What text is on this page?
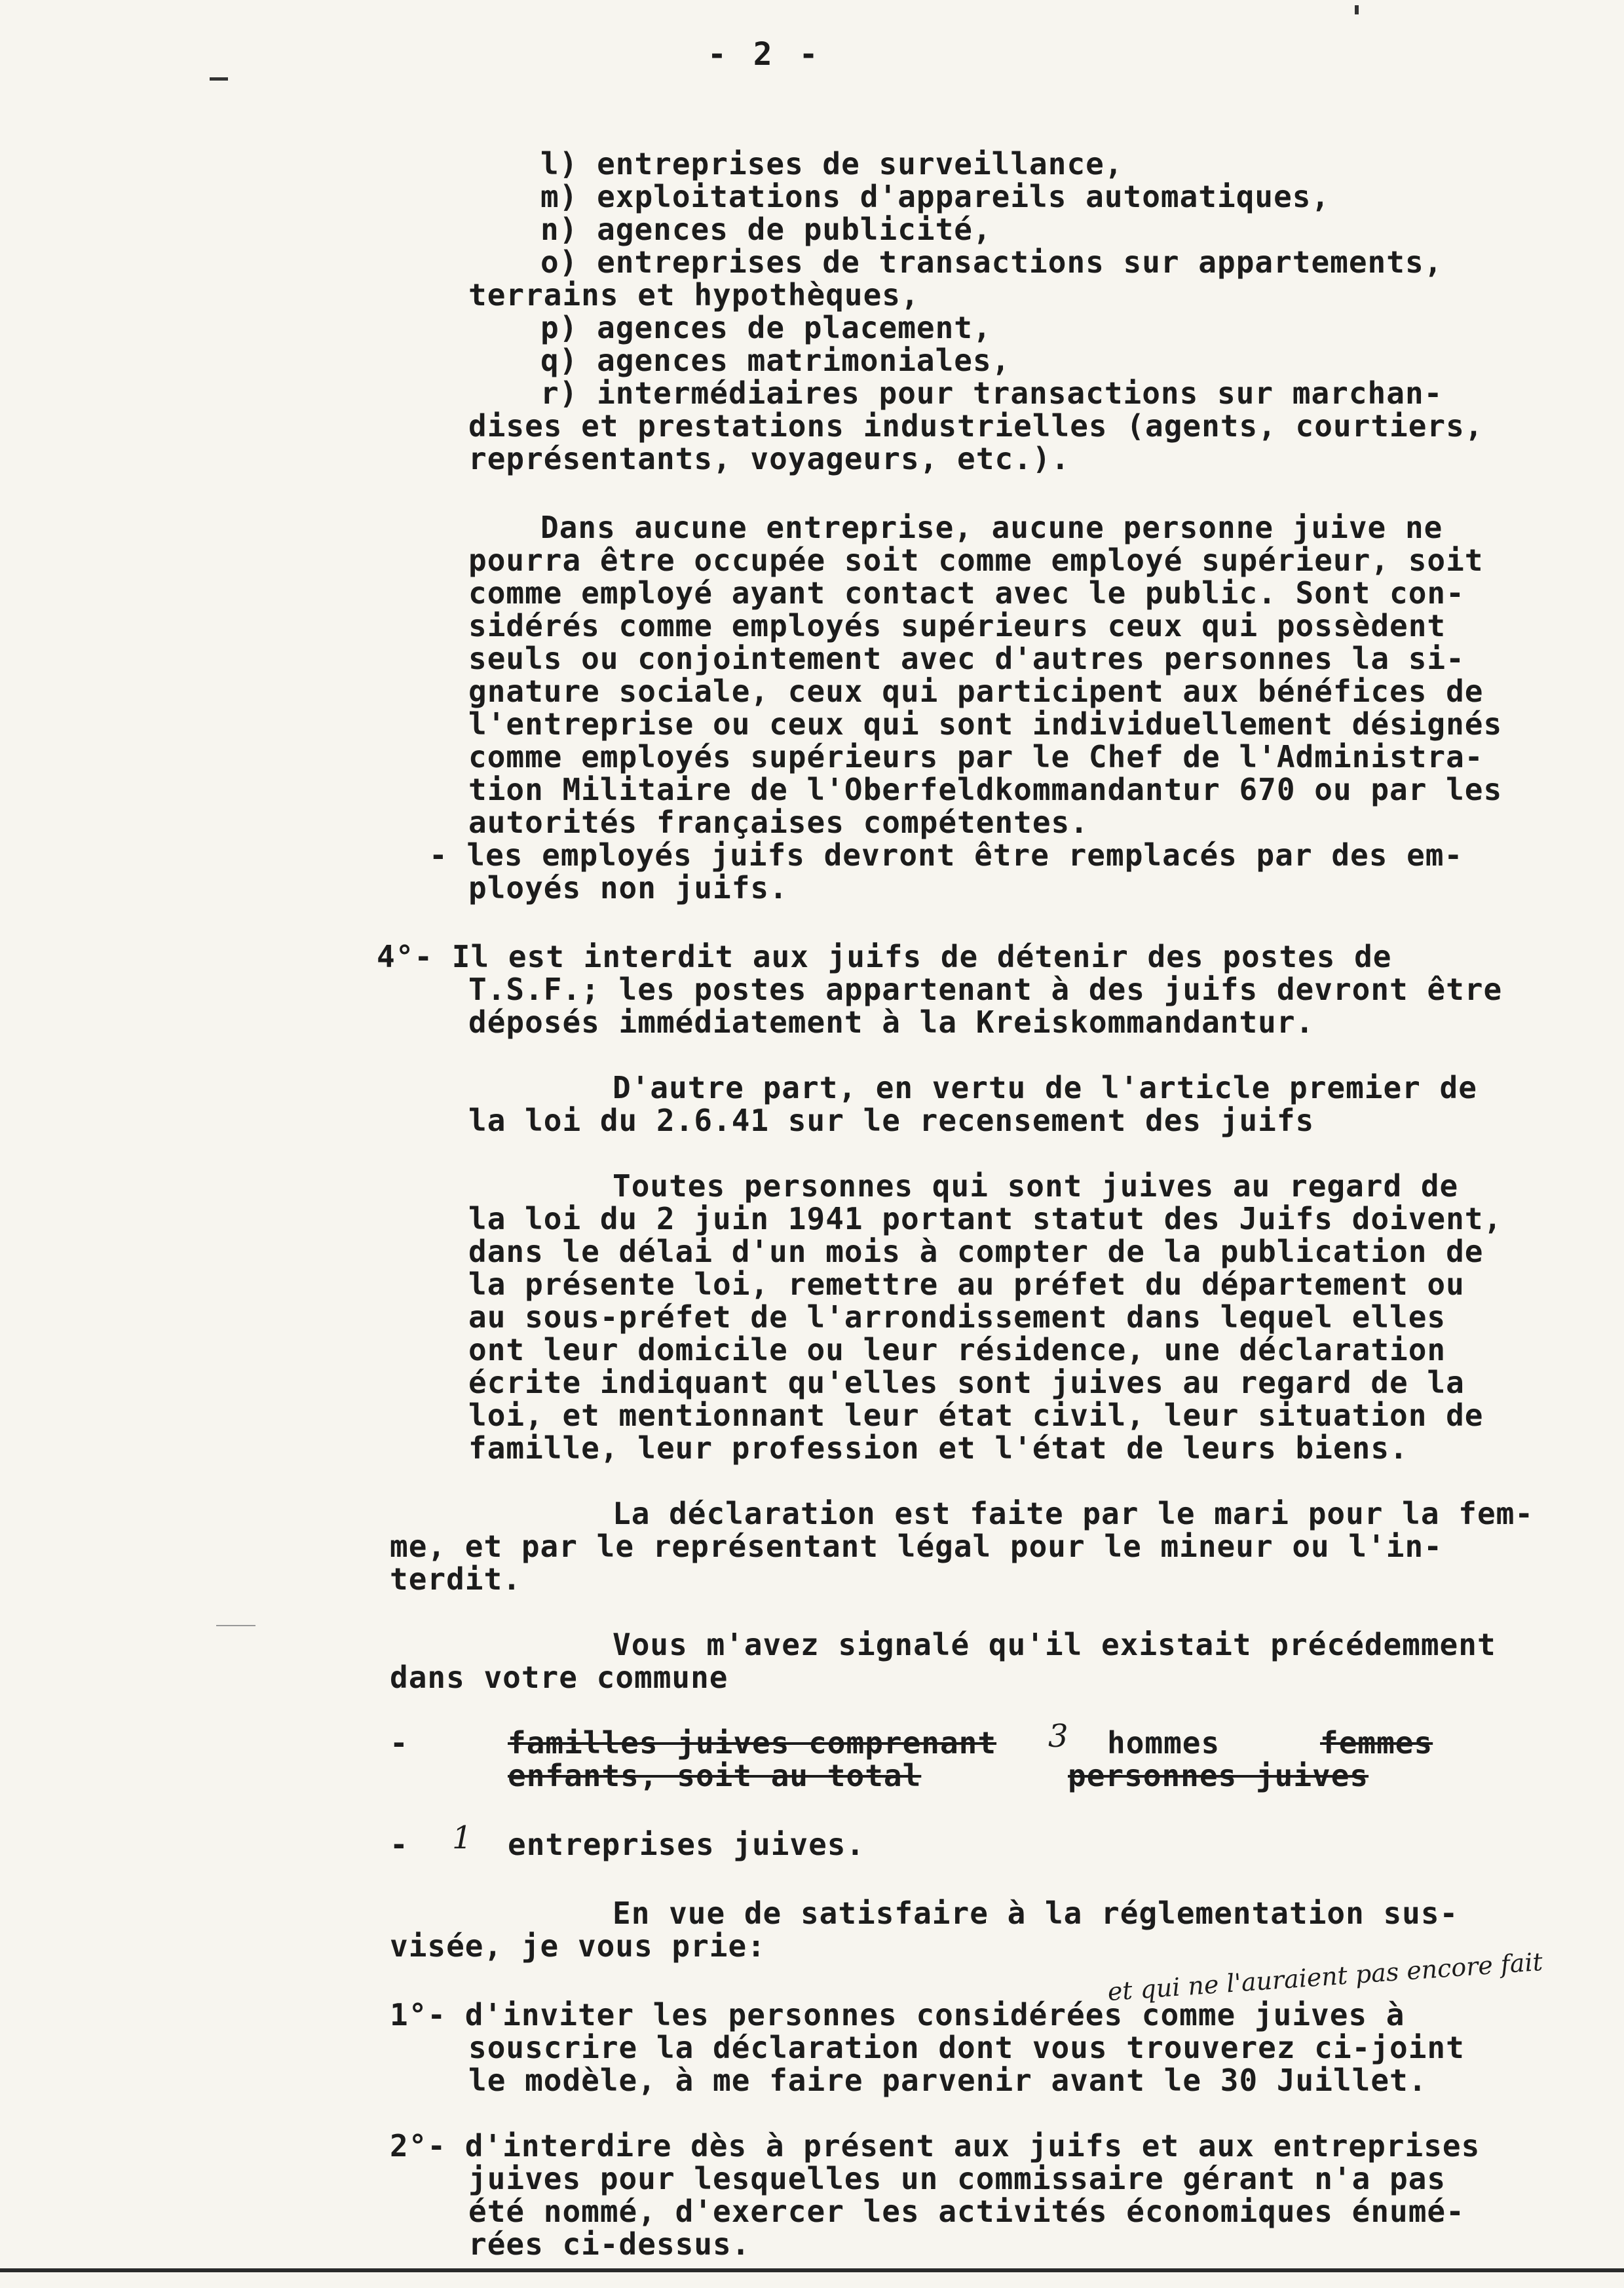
- 2 -
l) entreprises de surveillance,
m) exploitations d'appareils automatiques,
n) agences de publicité,
o) entreprises de transactions sur appartements,
terrains et hypothèques,
p) agences de placement,
q) agences matrimoniales,
r) intermédiaires pour transactions sur marchan-
dises et prestations industrielles (agents, courtiers,
représentants, voyageurs, etc.).
Dans aucune entreprise, aucune personne juive ne
pourra être occupée soit comme employé supérieur, soit
comme employé ayant contact avec le public. Sont con-
sidérés comme employés supérieurs ceux qui possèdent
seuls ou conjointement avec d'autres personnes la si-
gnature sociale, ceux qui participent aux bénéfices de
l'entreprise ou ceux qui sont individuellement désignés
comme employés supérieurs par le Chef de l'Administra-
tion Militaire de l'Oberfeldkommandantur 670 ou par les
autorités françaises compétentes.
- les employés juifs devront être remplacés par des em-
ployés non juifs.
4°- Il est interdit aux juifs de détenir des postes de
T.S.F.; les postes appartenant à des juifs devront être
déposés immédiatement à la Kreiskommandantur.
D'autre part, en vertu de l'article premier de
la loi du 2.6.41 sur le recensement des juifs
Toutes personnes qui sont juives au regard de
la loi du 2 juin 1941 portant statut des Juifs doivent,
dans le délai d'un mois à compter de la publication de
la présente loi, remettre au préfet du département ou
au sous-préfet de l'arrondissement dans lequel elles
ont leur domicile ou leur résidence, une déclaration
écrite indiquant qu'elles sont juives au regard de la
loi, et mentionnant leur état civil, leur situation de
famille, leur profession et l'état de leurs biens.
La déclaration est faite par le mari pour la fem-
me, et par le représentant légal pour le mineur ou l'in-
terdit.
Vous m'avez signalé qu'il existait précédemment
dans votre commune
-	familles juives comprenant 3 hommes	femmes
enfants, soit au total	personnes juives
- 1 entreprises juives.
En vue de satisfaire à la réglementation sus-
visée, je vous prie:
et qui ne l'auraient pas encore fait
1°- d'inviter les personnes considérées comme juives à
souscrire la déclaration dont vous trouverez ci-joint
le modèle, à me faire parvenir avant le 30 Juillet.
2°- d'interdire dès à présent aux juifs et aux entreprises
juives pour lesquelles un commissaire gérant n'a pas
été nommé, d'exercer les activités économiques énumé-
rées ci-dessus.
